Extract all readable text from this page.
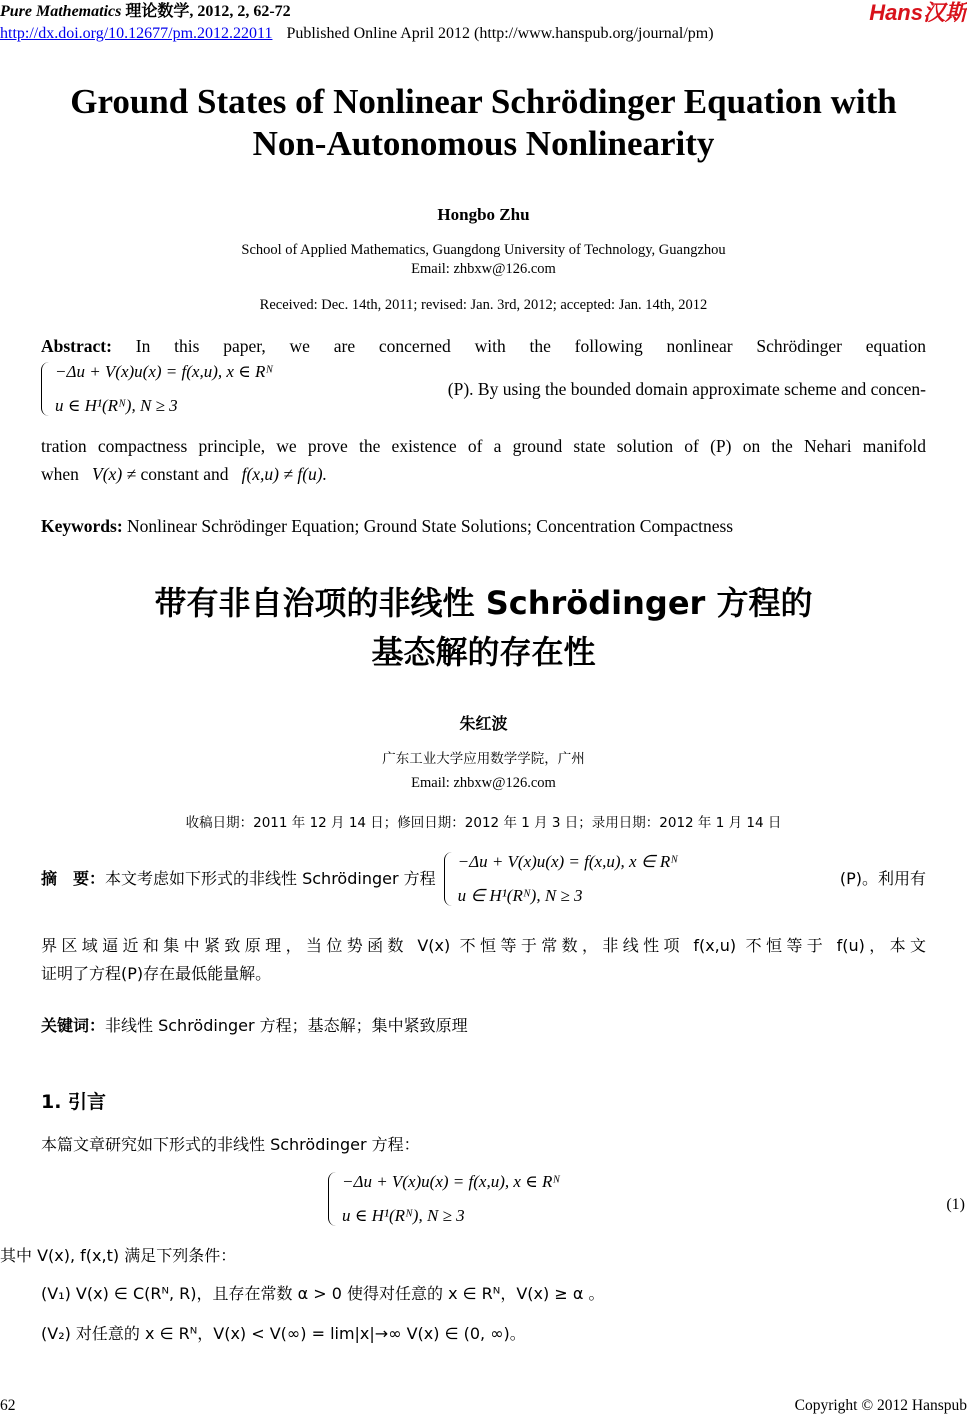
Pure Mathematics 理论数学, 2012, 2, 62-72
http://dx.doi.org/10.12677/pm.2012.22011 Published Online April 2012 (http://www.hanspub.org/journal/pm)
Hans汉斯
Ground States of Nonlinear Schrödinger Equation with
Non-Autonomous Nonlinearity
Hongbo Zhu
School of Applied Mathematics, Guangdong University of Technology, Guangzhou
Email: zhbxw@126.com
Received: Dec. 14th, 2011; revised: Jan. 3rd, 2012; accepted: Jan. 14th, 2012
Abstract: In this paper, we are concerned with the following nonlinear Schrödinger equation
−Δu + V(x)u(x) = f(x,u), x ∈ Rᴺ
u ∈ H¹(Rᴺ), N ≥ 3
(P). By using the bounded domain approximate scheme and concen-
tration compactness principle, we prove the existence of a ground state solution of (P) on the Nehari manifold
when V(x) ≠ constant and f(x,u) ≠ f(u).
Keywords: Nonlinear Schrödinger Equation; Ground State Solutions; Concentration Compactness
带有非自治项的非线性 Schrödinger 方程的
基态解的存在性
朱红波
广东工业大学应用数学学院，广州
Email: zhbxw@126.com
收稿日期：2011 年 12 月 14 日；修回日期：2012 年 1 月 3 日；录用日期：2012 年 1 月 14 日
摘　要：本文考虑如下形式的非线性 Schrödinger 方程
−Δu + V(x)u(x) = f(x,u), x ∈ Rᴺ
u ∈ H¹(Rᴺ), N ≥ 3
(P)。利用有
界区域逼近和集中紧致原理，当位势函数 V(x) 不恒等于常数，非线性项 f(x,u) 不恒等于 f(u)，本文
证明了方程(P)存在最低能量解。
关键词：非线性 Schrödinger 方程；基态解；集中紧致原理
1. 引言
本篇文章研究如下形式的非线性 Schrödinger 方程：
−Δu + V(x)u(x) = f(x,u), x ∈ Rᴺ
u ∈ H¹(Rᴺ), N ≥ 3
(1)
其中 V(x), f(x,t) 满足下列条件：
(V₁) V(x) ∈ C(Rᴺ, R)，且存在常数 α > 0 使得对任意的 x ∈ Rᴺ，V(x) ≥ α 。
(V₂) 对任意的 x ∈ Rᴺ，V(x) < V(∞) = lim|x|→∞ V(x) ∈ (0, ∞)。
62	Copyright © 2012 Hanspub
